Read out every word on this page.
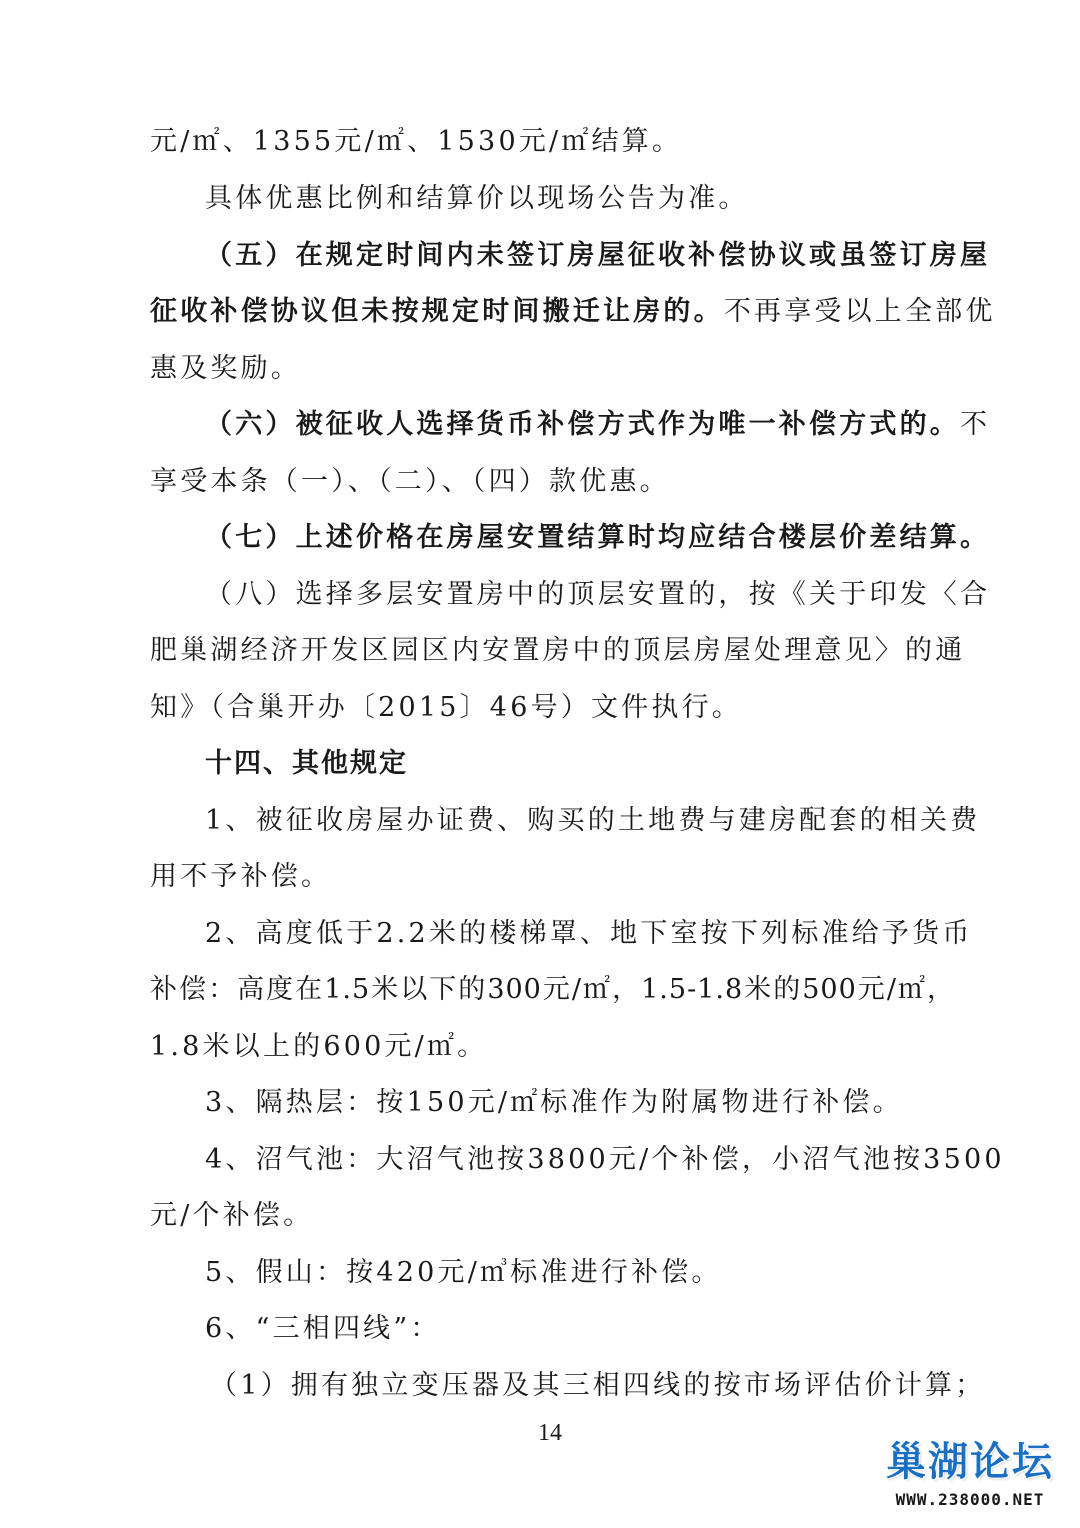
元/㎡、1355元/㎡、1530元/㎡结算。
具体优惠比例和结算价以现场公告为准。
（五）在规定时间内未签订房屋征收补偿协议或虽签订房屋
征收补偿协议但未按规定时间搬迁让房的。不再享受以上全部优
惠及奖励。
（六）被征收人选择货币补偿方式作为唯一补偿方式的。不
享受本条（一）、（二）、（四）款优惠。
（七）上述价格在房屋安置结算时均应结合楼层价差结算。
（八）选择多层安置房中的顶层安置的，按《关于印发〈合
肥巢湖经济开发区园区内安置房中的顶层房屋处理意见〉的通
知》（合巢开办〔2015〕46号）文件执行。
十四、其他规定
1、被征收房屋办证费、购买的土地费与建房配套的相关费
用不予补偿。
2、高度低于2.2米的楼梯罩、地下室按下列标准给予货币
补偿：高度在1.5米以下的300元/㎡，1.5-1.8米的500元/㎡，
1.8米以上的600元/㎡。
3、隔热层：按150元/㎡标准作为附属物进行补偿。
4、沼气池：大沼气池按3800元/个补偿，小沼气池按3500
元/个补偿。
5、假山：按420元/㎥标准进行补偿。
6、“三相四线”：
（1）拥有独立变压器及其三相四线的按市场评估价计算；
14
巢湖论坛
WWW.238000.NET
